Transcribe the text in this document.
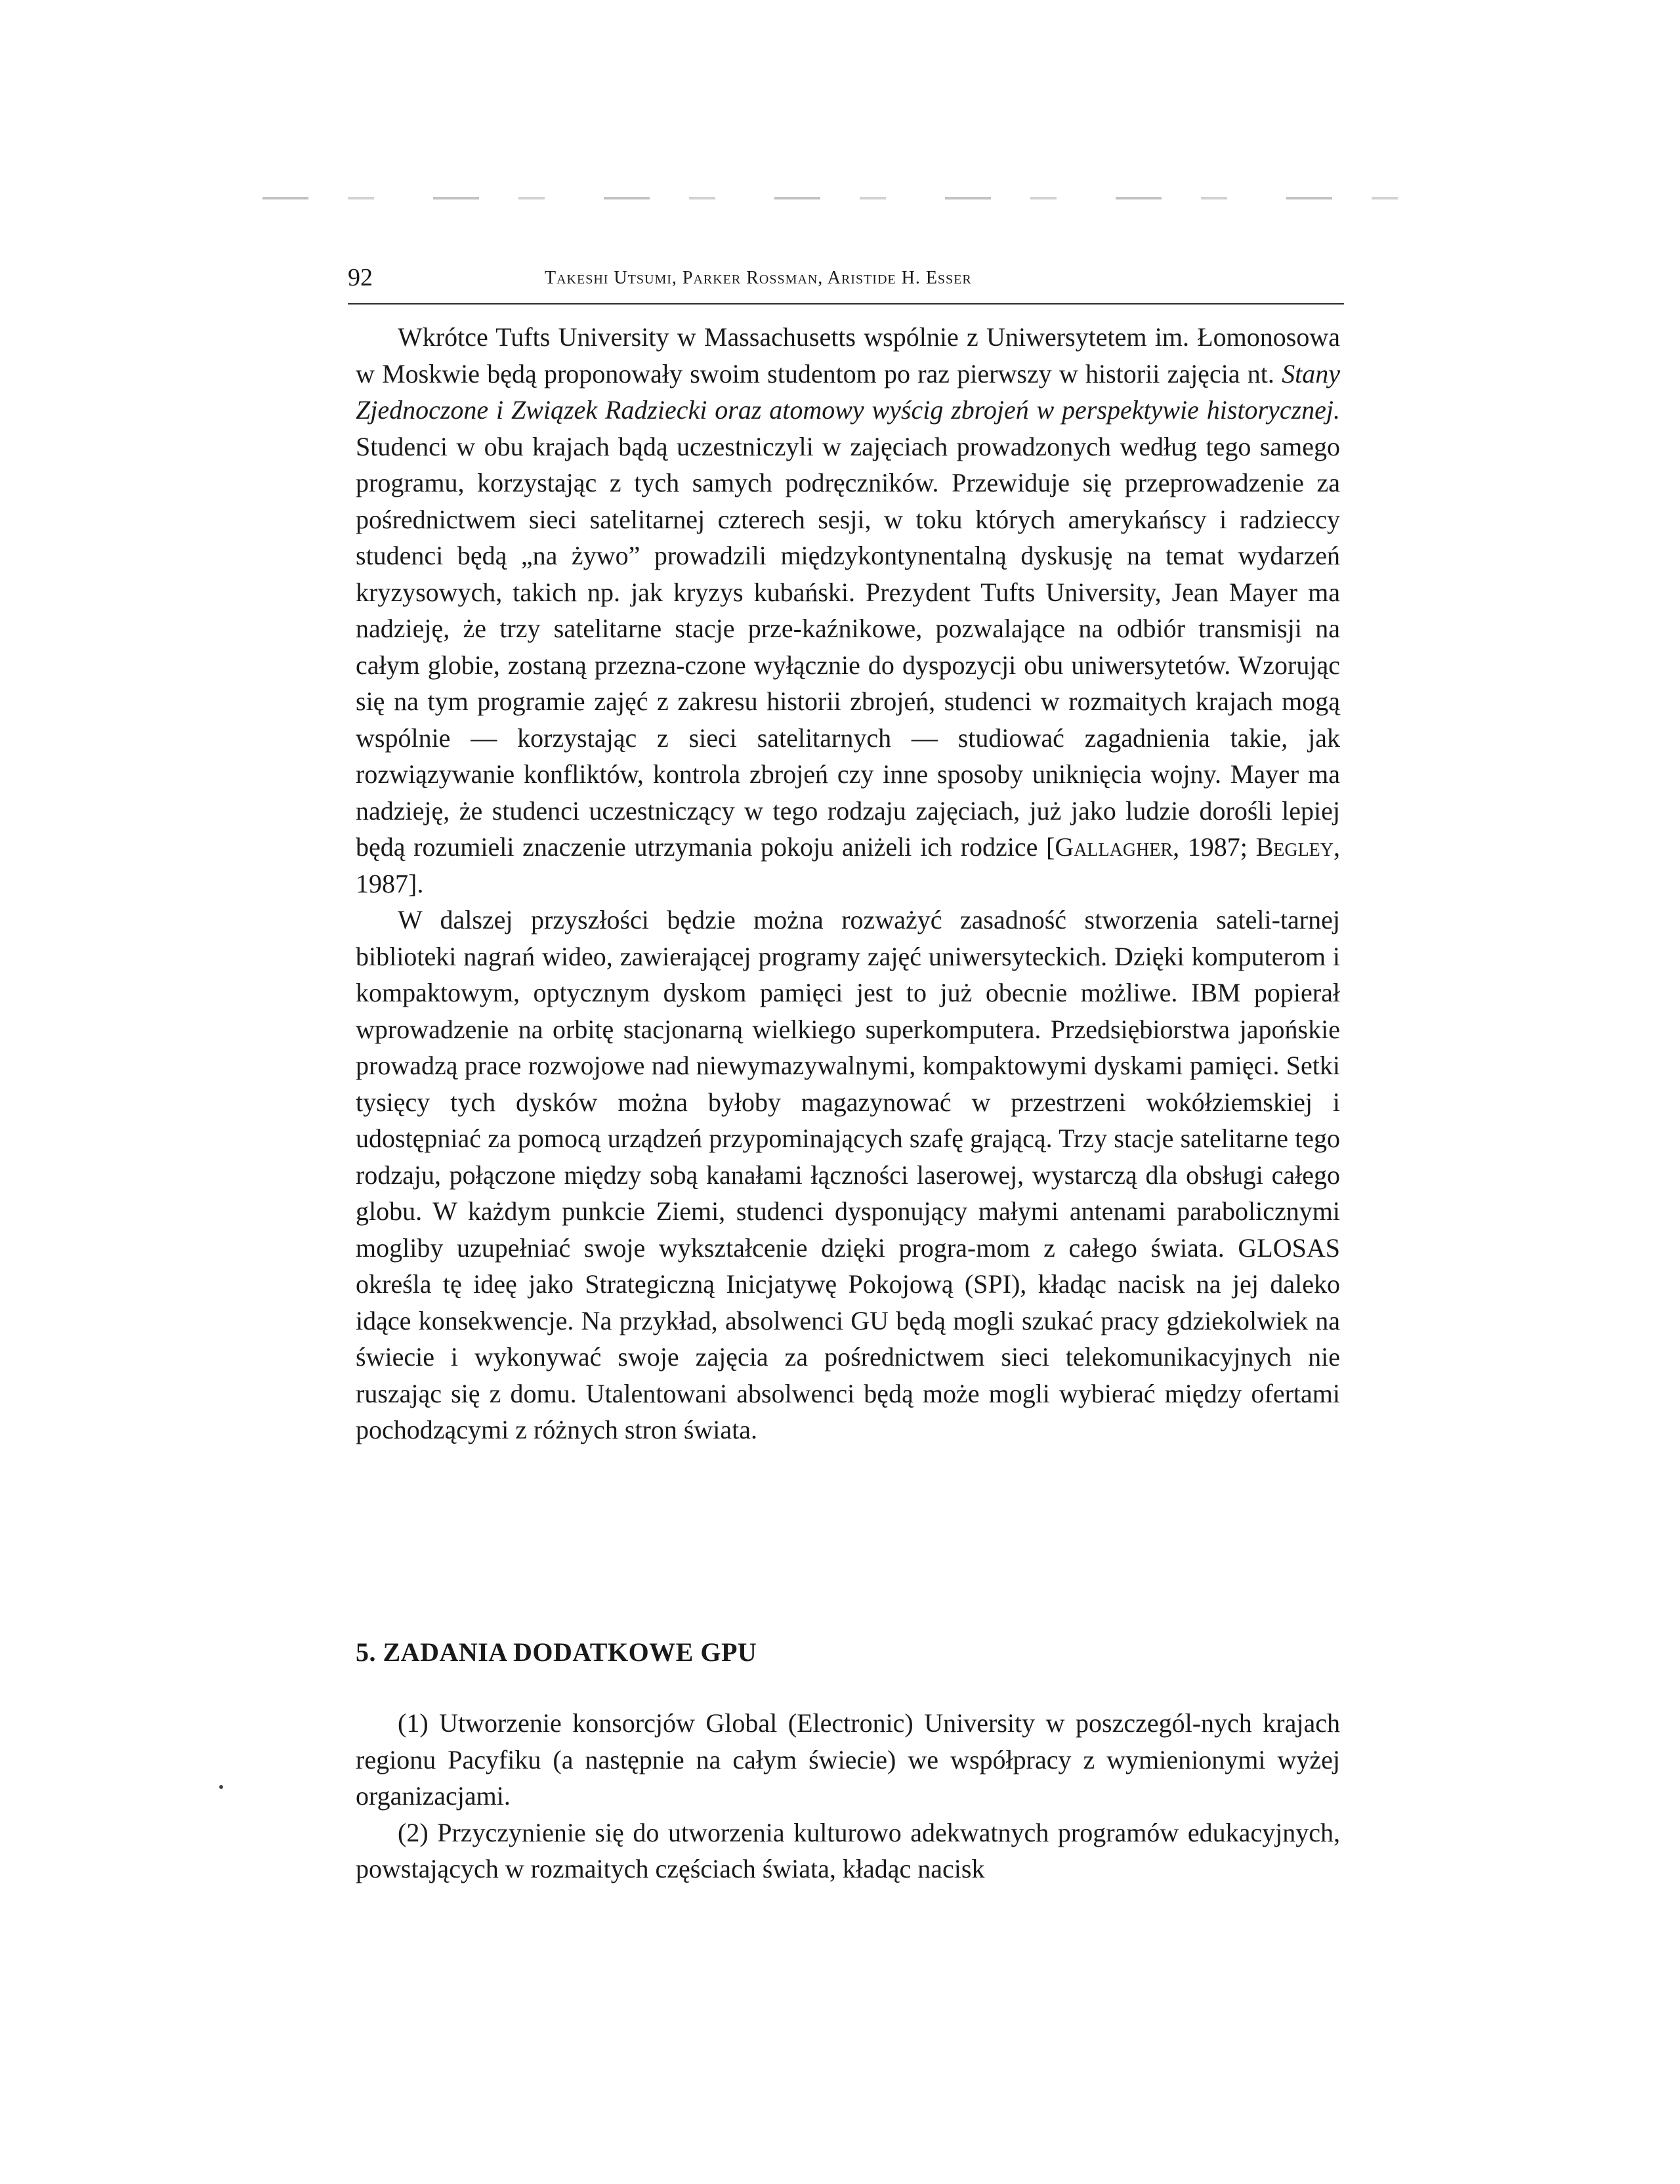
92	Takeshi Utsumi, Parker Rossman, Aristide H. Esser

Wkrótce Tufts University w Massachusetts wspólnie z Uniwersytetem im. Łomonosowa w Moskwie będą proponowały swoim studentom po raz pierwszy w historii zajęcia nt. Stany Zjednoczone i Związek Radziecki oraz atomowy wyścig zbrojeń w perspektywie historycznej. Studenci w obu krajach bądą uczestniczyli w zajęciach prowadzonych według tego samego programu, korzystając z tych samych podręczników. Przewiduje się przeprowadzenie za pośrednictwem sieci satelitarnej czterech sesji, w toku których amerykańscy i radzieccy studenci będą „na żywo” prowadzili międzykontynentalną dyskusję na temat wydarzeń kryzysowych, takich np. jak kryzys kubański. Prezydent Tufts University, Jean Mayer ma nadzieję, że trzy satelitarne stacje prze-kaźnikowe, pozwalające na odbiór transmisji na całym globie, zostaną przezna-czone wyłącznie do dyspozycji obu uniwersytetów. Wzorując się na tym programie zajęć z zakresu historii zbrojeń, studenci w rozmaitych krajach mogą wspólnie — korzystając z sieci satelitarnych — studiować zagadnienia takie, jak rozwiązywanie konfliktów, kontrola zbrojeń czy inne sposoby uniknięcia wojny. Mayer ma nadzieję, że studenci uczestniczący w tego rodzaju zajęciach, już jako ludzie dorośli lepiej będą rozumieli znaczenie utrzymania pokoju aniżeli ich rodzice [Gallagher, 1987; Begley, 1987].

W dalszej przyszłości będzie można rozważyć zasadność stworzenia sateli-tarnej biblioteki nagrań wideo, zawierającej programy zajęć uniwersyteckich. Dzięki komputerom i kompaktowym, optycznym dyskom pamięci jest to już obecnie możliwe. IBM popierał wprowadzenie na orbitę stacjonarną wielkiego superkomputera. Przedsiębiorstwa japońskie prowadzą prace rozwojowe nad niewymazywalnymi, kompaktowymi dyskami pamięci. Setki tysięcy tych dysków można byłoby magazynować w przestrzeni wokółziemskiej i udostępniać za pomocą urządzeń przypominających szafę grającą. Trzy stacje satelitarne tego rodzaju, połączone między sobą kanałami łączności laserowej, wystarczą dla obsługi całego globu. W każdym punkcie Ziemi, studenci dysponujący małymi antenami parabolicznymi mogliby uzupełniać swoje wykształcenie dzięki progra-mom z całego świata. GLOSAS określa tę ideę jako Strategiczną Inicjatywę Pokojową (SPI), kładąc nacisk na jej daleko idące konsekwencje. Na przykład, absolwenci GU będą mogli szukać pracy gdziekolwiek na świecie i wykonywać swoje zajęcia za pośrednictwem sieci telekomunikacyjnych nie ruszając się z domu. Utalentowani absolwenci będą może mogli wybierać między ofertami pochodzącymi z różnych stron świata.

5. ZADANIA DODATKOWE GPU

(1) Utworzenie konsorcjów Global (Electronic) University w poszczegól-nych krajach regionu Pacyfiku (a następnie na całym świecie) we współpracy z wymienionymi wyżej organizacjami.

(2) Przyczynienie się do utworzenia kulturowo adekwatnych programów edukacyjnych, powstających w rozmaitych częściach świata, kładąc nacisk
